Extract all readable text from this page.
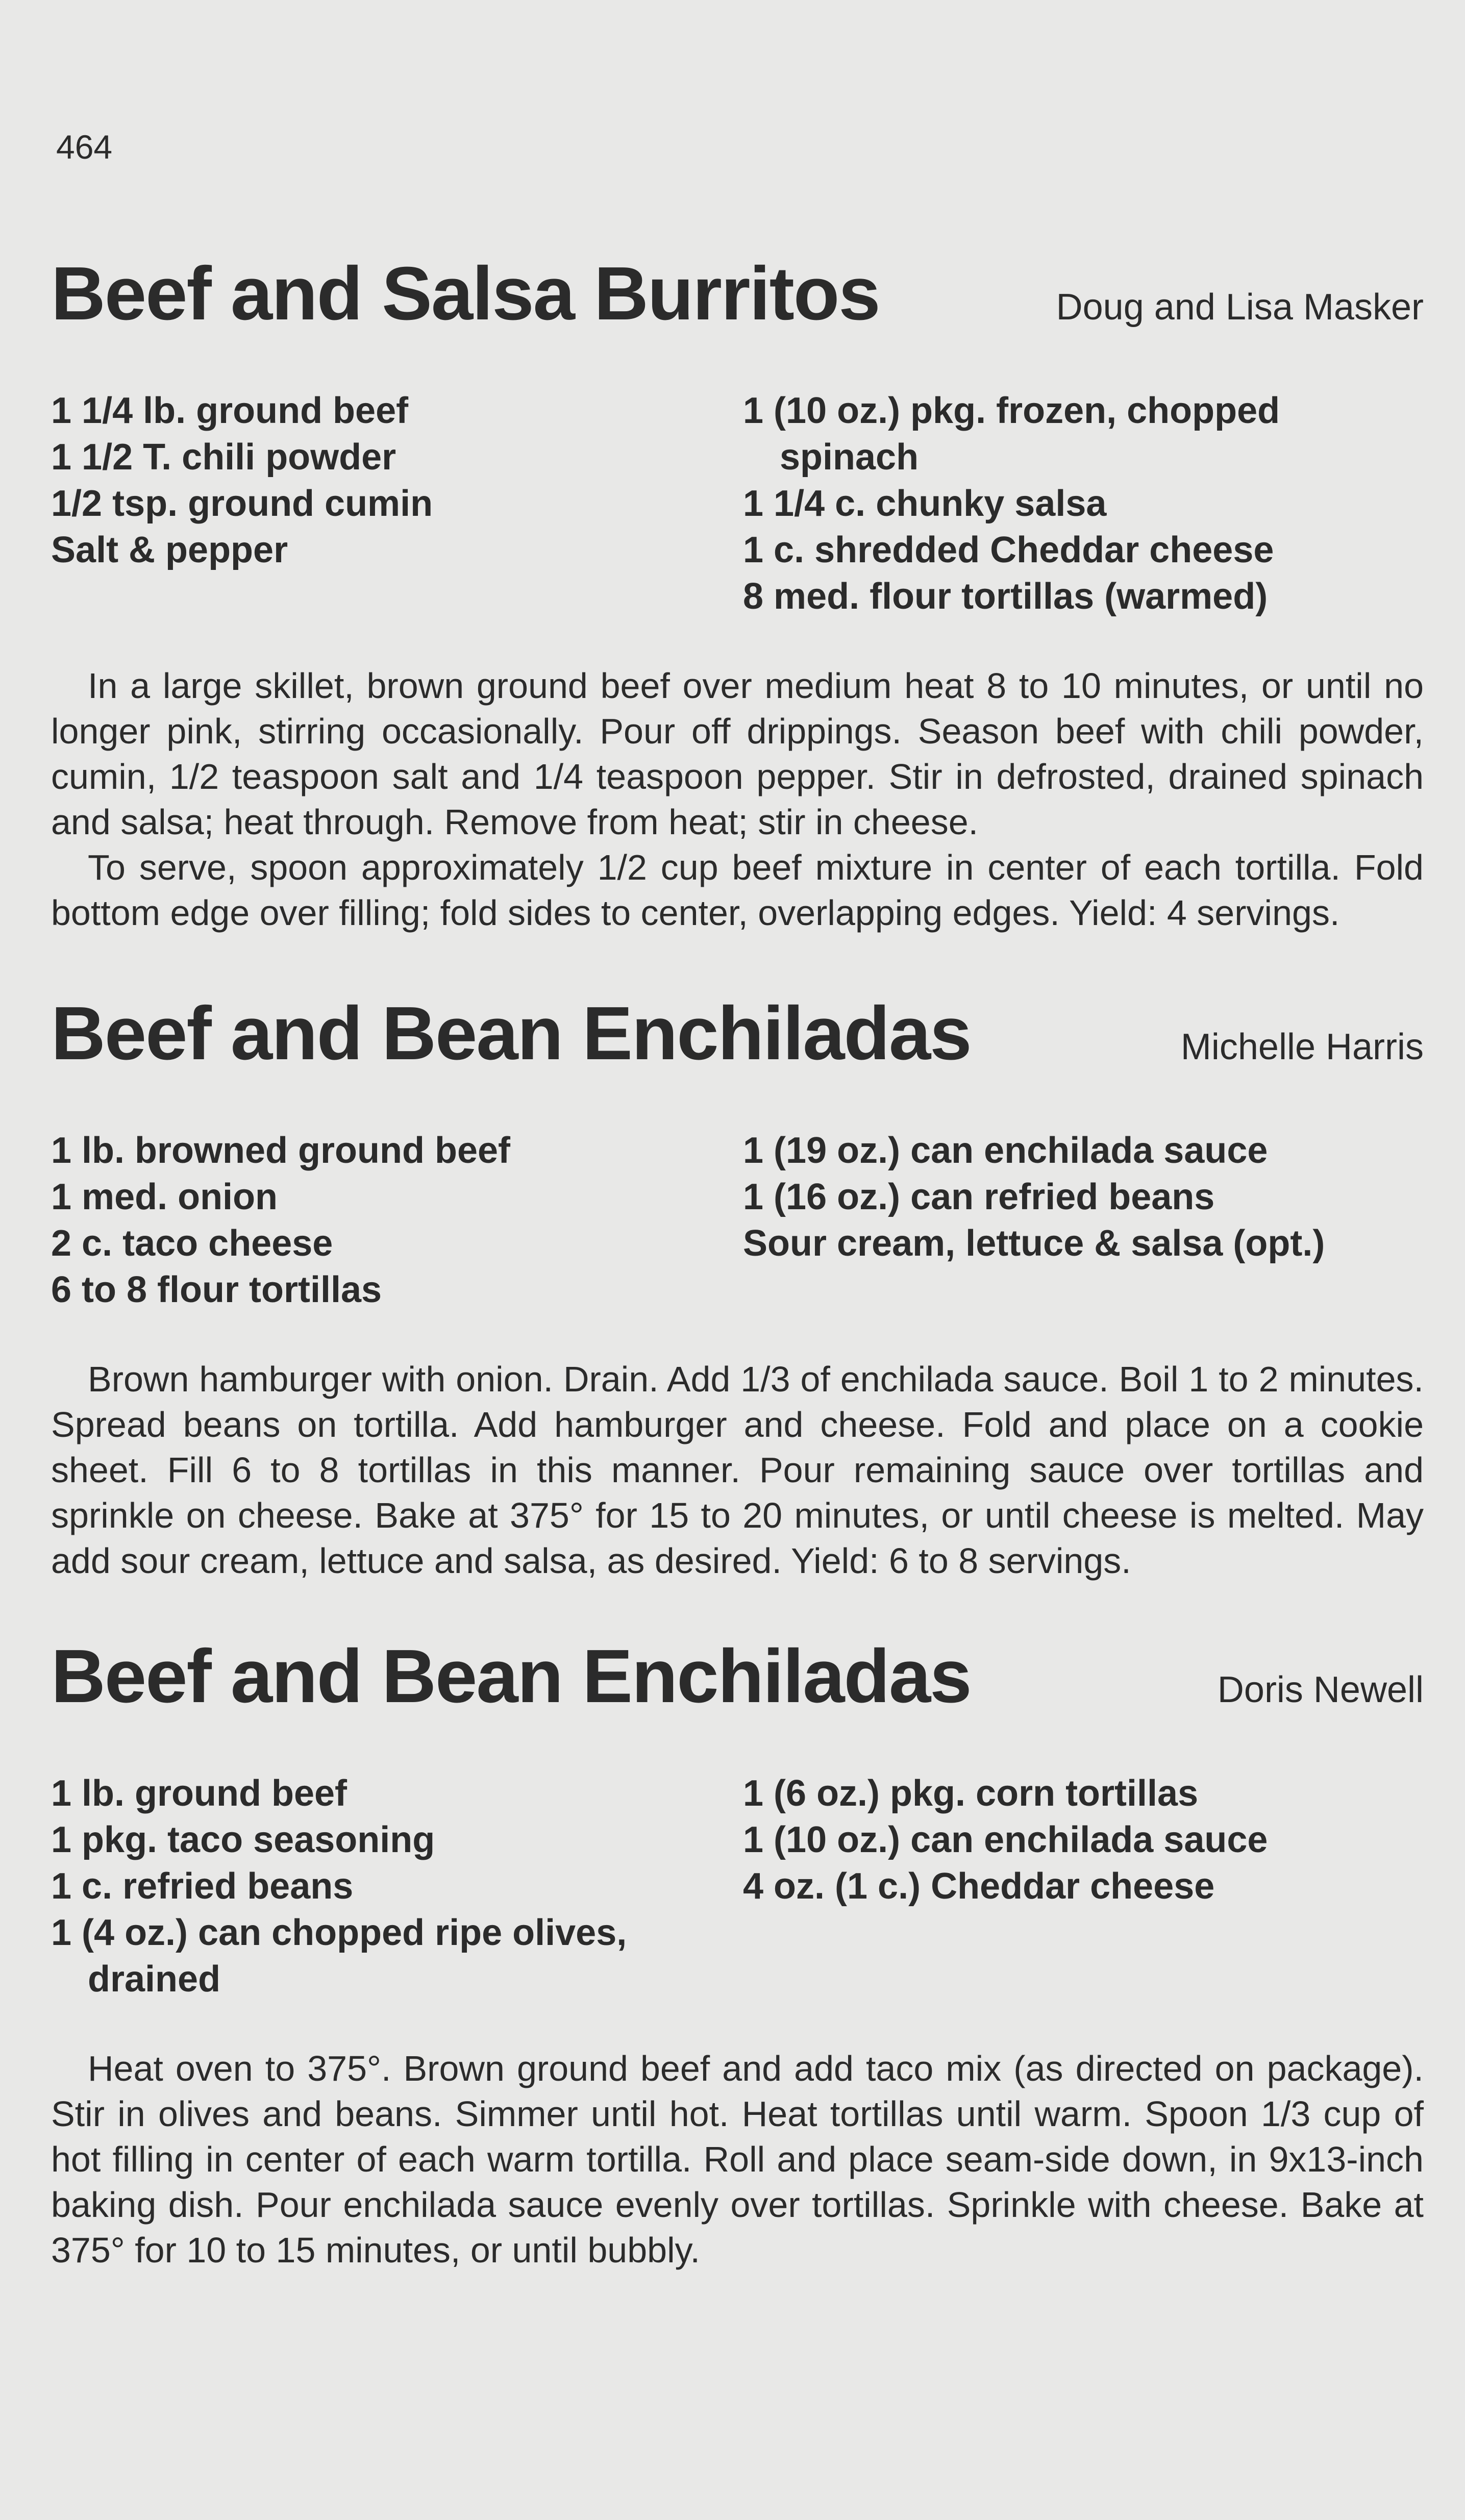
464
Beef and Salsa Burritos	Doug and Lisa Masker
1 1/4 lb. ground beef
1 1/2 T. chili powder
1/2 tsp. ground cumin
Salt & pepper
1 (10 oz.) pkg. frozen, chopped spinach
1 1/4 c. chunky salsa
1 c. shredded Cheddar cheese
8 med. flour tortillas (warmed)

In a large skillet, brown ground beef over medium heat 8 to 10 minutes, or until no longer pink, stirring occasionally. Pour off drippings. Season beef with chili powder, cumin, 1/2 teaspoon salt and 1/4 teaspoon pepper. Stir in defrosted, drained spinach and salsa; heat through. Remove from heat; stir in cheese.

To serve, spoon approximately 1/2 cup beef mixture in center of each tortilla. Fold bottom edge over filling; fold sides to center, overlapping edges. Yield: 4 servings.

Beef and Bean Enchiladas	Michelle Harris
1 lb. browned ground beef
1 med. onion
2 c. taco cheese
6 to 8 flour tortillas
1 (19 oz.) can enchilada sauce
1 (16 oz.) can refried beans
Sour cream, lettuce & salsa (opt.)

Brown hamburger with onion. Drain. Add 1/3 of enchilada sauce. Boil 1 to 2 minutes. Spread beans on tortilla. Add hamburger and cheese. Fold and place on a cookie sheet. Fill 6 to 8 tortillas in this manner. Pour remaining sauce over tortillas and sprinkle on cheese. Bake at 375° for 15 to 20 minutes, or until cheese is melted. May add sour cream, lettuce and salsa, as desired. Yield: 6 to 8 servings.

Beef and Bean Enchiladas	Doris Newell
1 lb. ground beef
1 pkg. taco seasoning
1 c. refried beans
1 (4 oz.) can chopped ripe olives, drained
1 (6 oz.) pkg. corn tortillas
1 (10 oz.) can enchilada sauce
4 oz. (1 c.) Cheddar cheese

Heat oven to 375°. Brown ground beef and add taco mix (as directed on package). Stir in olives and beans. Simmer until hot. Heat tortillas until warm. Spoon 1/3 cup of hot filling in center of each warm tortilla. Roll and place seam-side down, in 9x13-inch baking dish. Pour enchilada sauce evenly over tortillas. Sprinkle with cheese. Bake at 375° for 10 to 15 minutes, or until bubbly.
